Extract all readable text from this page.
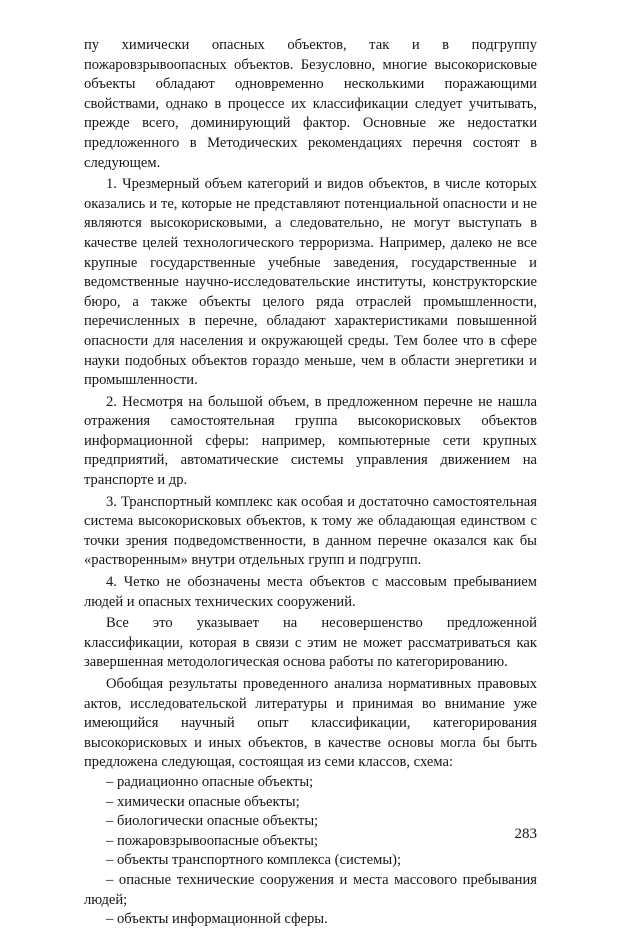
пу химически опасных объектов, так и в подгруппу пожаровзрывоопасных объектов. Безусловно, многие высокорисковые объекты обладают одновременно несколькими поражающими свойствами, однако в процессе их классификации следует учитывать, прежде всего, доминирующий фактор. Основные же недостатки предложенного в Методических рекомендациях перечня состоят в следующем.

1. Чрезмерный объем категорий и видов объектов, в числе которых оказались и те, которые не представляют потенциальной опасности и не являются высокорисковыми, а следовательно, не могут выступать в качестве целей технологического терроризма. Например, далеко не все крупные государственные учебные заведения, государственные и ведомственные научно-исследовательские институты, конструкторские бюро, а также объекты целого ряда отраслей промышленности, перечисленных в перечне, обладают характеристиками повышенной опасности для населения и окружающей среды. Тем более что в сфере науки подобных объектов гораздо меньше, чем в области энергетики и промышленности.

2. Несмотря на большой объем, в предложенном перечне не нашла отражения самостоятельная группа высокорисковых объектов информационной сферы: например, компьютерные сети крупных предприятий, автоматические системы управления движением на транспорте и др.

3. Транспортный комплекс как особая и достаточно самостоятельная система высокорисковых объектов, к тому же обладающая единством с точки зрения подведомственности, в данном перечне оказался как бы «растворенным» внутри отдельных групп и подгрупп.

4. Четко не обозначены места объектов с массовым пребыванием людей и опасных технических сооружений.

Все это указывает на несовершенство предложенной классификации, которая в связи с этим не может рассматриваться как завершенная методологическая основа работы по категорированию.

Обобщая результаты проведенного анализа нормативных правовых актов, исследовательской литературы и принимая во внимание уже имеющийся научный опыт классификации, категорирования высокорисковых и иных объектов, в качестве основы могла бы быть предложена следующая, состоящая из семи классов, схема:

– радиационно опасные объекты;
– химически опасные объекты;
– биологически опасные объекты;
– пожаровзрывоопасные объекты;
– объекты транспортного комплекса (системы);
– опасные технические сооружения и места массового пребывания людей;
– объекты информационной сферы.
283
